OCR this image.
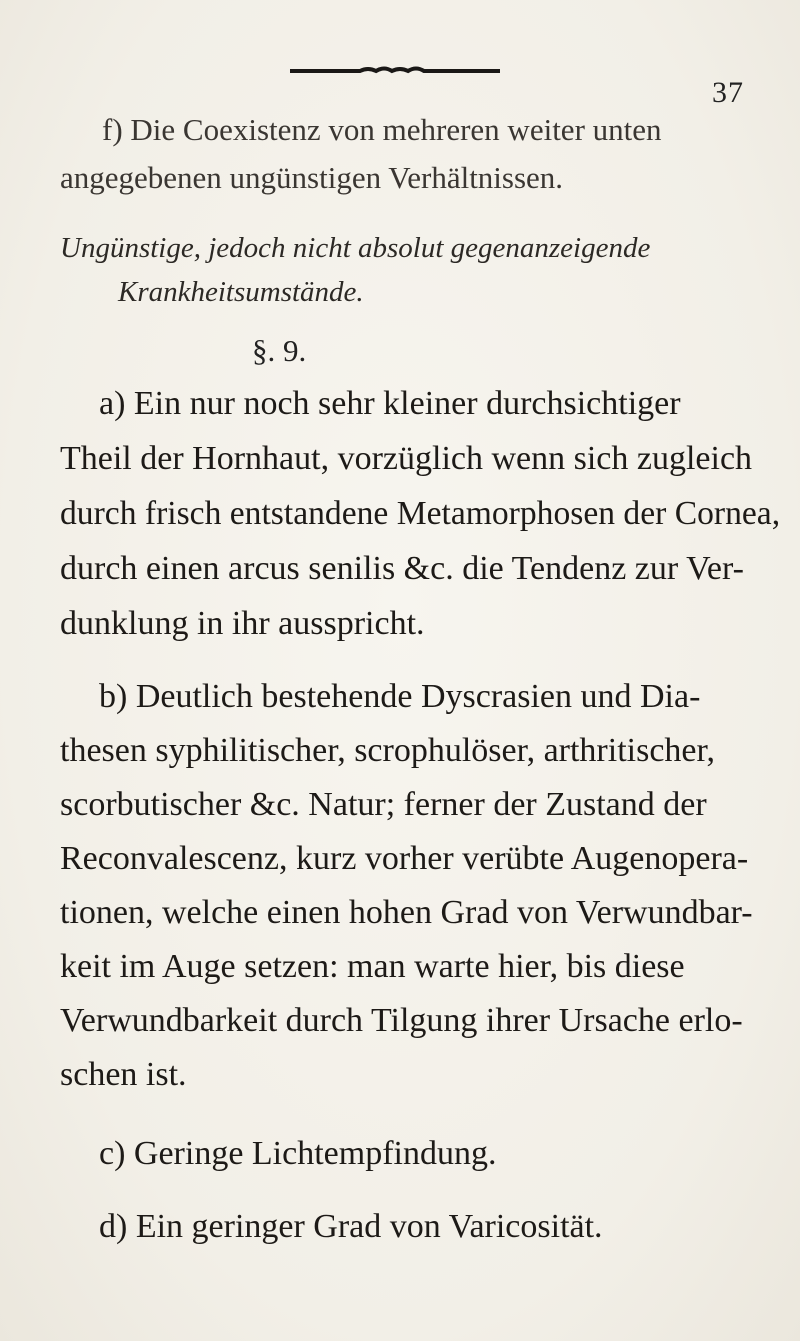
37
f) Die Coexistenz von mehreren weiter unten
angegebenen ungünstigen Verhältnissen.
Ungünstige, jedoch nicht absolut gegenanzeigende
Krankheitsumstände.
§. 9.
a) Ein nur noch sehr kleiner durchsichtiger
Theil der Hornhaut, vorzüglich wenn sich zugleich
durch frisch entstandene Metamorphosen der Cornea,
durch einen arcus senilis &c. die Tendenz zur Ver-
dunklung in ihr ausspricht.
b) Deutlich bestehende Dyscrasien und Dia-
thesen syphilitischer, scrophulöser, arthritischer,
scorbutischer &c. Natur; ferner der Zustand der
Reconvalescenz, kurz vorher verübte Augenopera-
tionen, welche einen hohen Grad von Verwundbar-
keit im Auge setzen: man warte hier, bis diese
Verwundbarkeit durch Tilgung ihrer Ursache erlo-
schen ist.
c) Geringe Lichtempfindung.
d) Ein geringer Grad von Varicosität.
